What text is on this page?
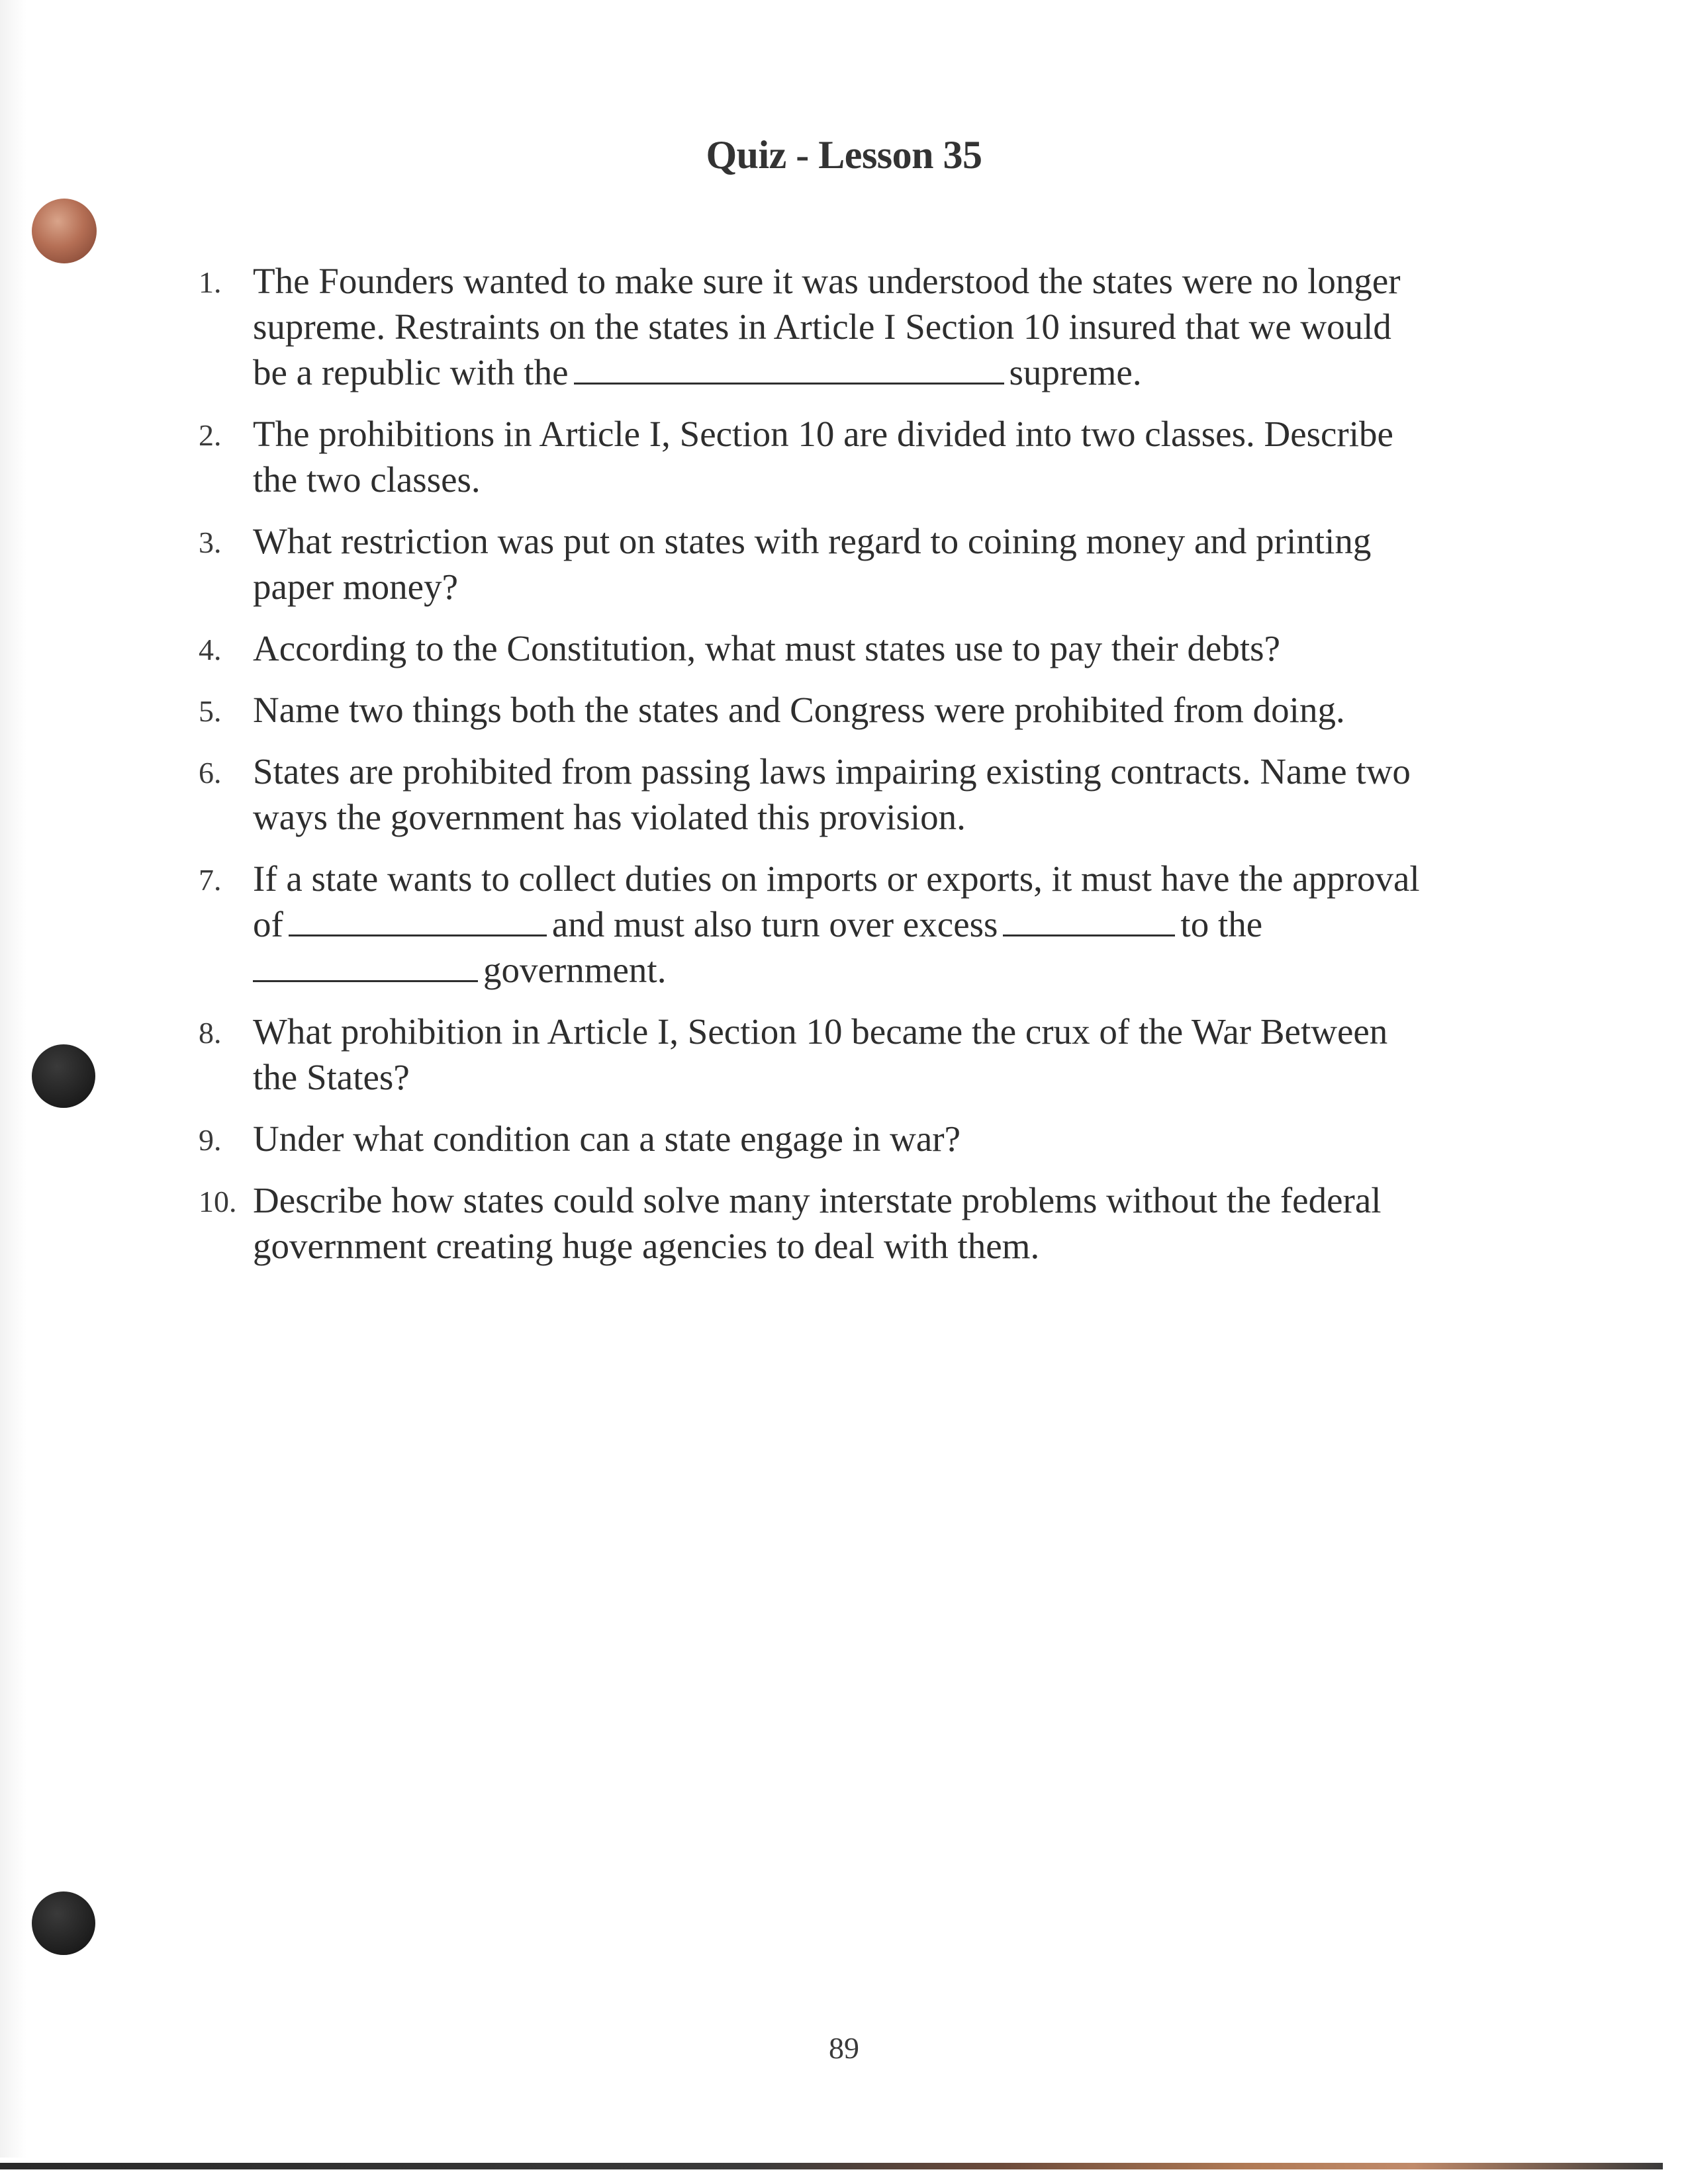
Quiz - Lesson 35
1. The Founders wanted to make sure it was understood the states were no longer
supreme. Restraints on the states in Article I Section 10 insured that we would
be a republic with the	supreme.
2. The prohibitions in Article I, Section 10 are divided into two classes. Describe
the two classes.
3. What restriction was put on states with regard to coining money and printing
paper money?
4. According to the Constitution, what must states use to pay their debts?
5. Name two things both the states and Congress were prohibited from doing.
6. States are prohibited from passing laws impairing existing contracts. Name two
ways the government has violated this provision.
7. If a state wants to collect duties on imports or exports, it must have the approval
of	and must also turn over excess	to the
government.
8. What prohibition in Article I, Section 10 became the crux of the War Between
the States?
9. Under what condition can a state engage in war?
10. Describe how states could solve many interstate problems without the federal
government creating huge agencies to deal with them.
89
